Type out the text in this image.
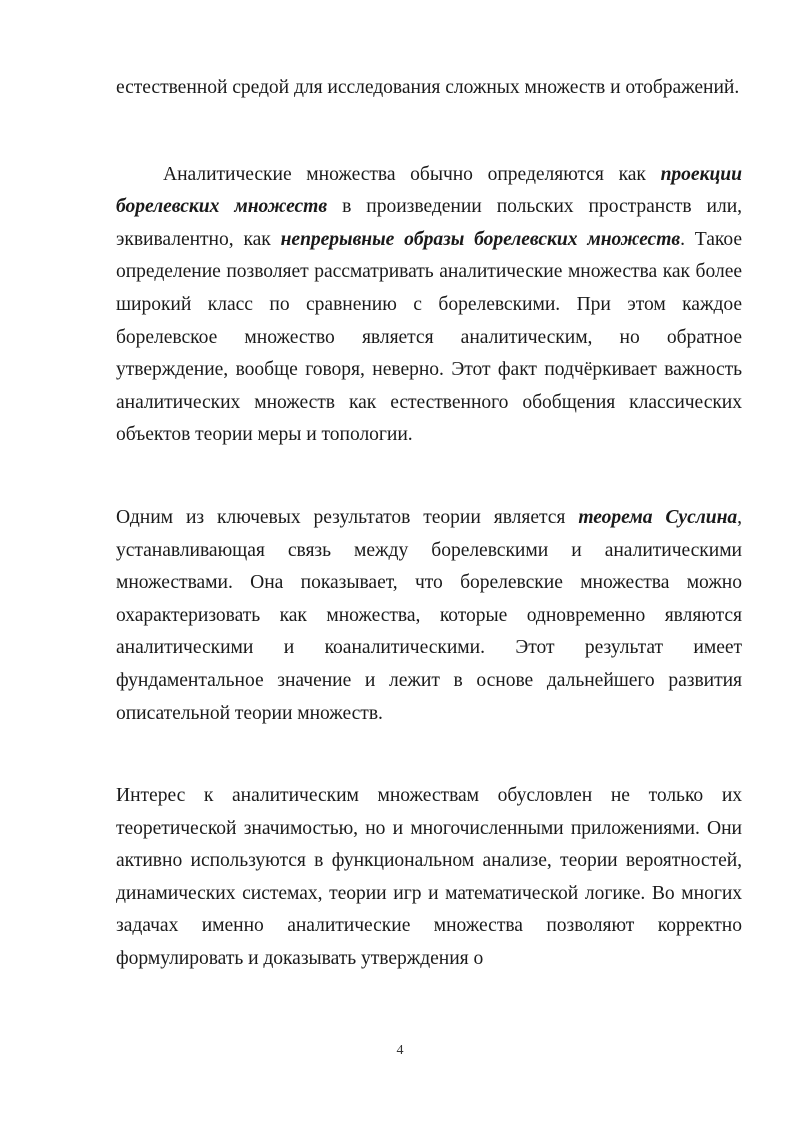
естественной средой для исследования сложных множеств и отображений.

Аналитические множества обычно определяются как проекции борелевских множеств в произведении польских пространств или, эквивалентно, как непрерывные образы борелевских множеств. Такое определение позволяет рассматривать аналитические множества как более широкий класс по сравнению с борелевскими. При этом каждое борелевское множество является аналитическим, но обратное утверждение, вообще говоря, неверно. Этот факт подчёркивает важность аналитических множеств как естественного обобщения классических объектов теории меры и топологии.

Одним из ключевых результатов теории является теорема Суслина, устанавливающая связь между борелевскими и аналитическими множествами. Она показывает, что борелевские множества можно охарактеризовать как множества, которые одновременно являются аналитическими и коаналитическими. Этот результат имеет фундаментальное значение и лежит в основе дальнейшего развития описательной теории множеств.

Интерес к аналитическим множествам обусловлен не только их теоретической значимостью, но и многочисленными приложениями. Они активно используются в функциональном анализе, теории вероятностей, динамических системах, теории игр и математической логике. Во многих задачах именно аналитические множества позволяют корректно формулировать и доказывать утверждения о

4
